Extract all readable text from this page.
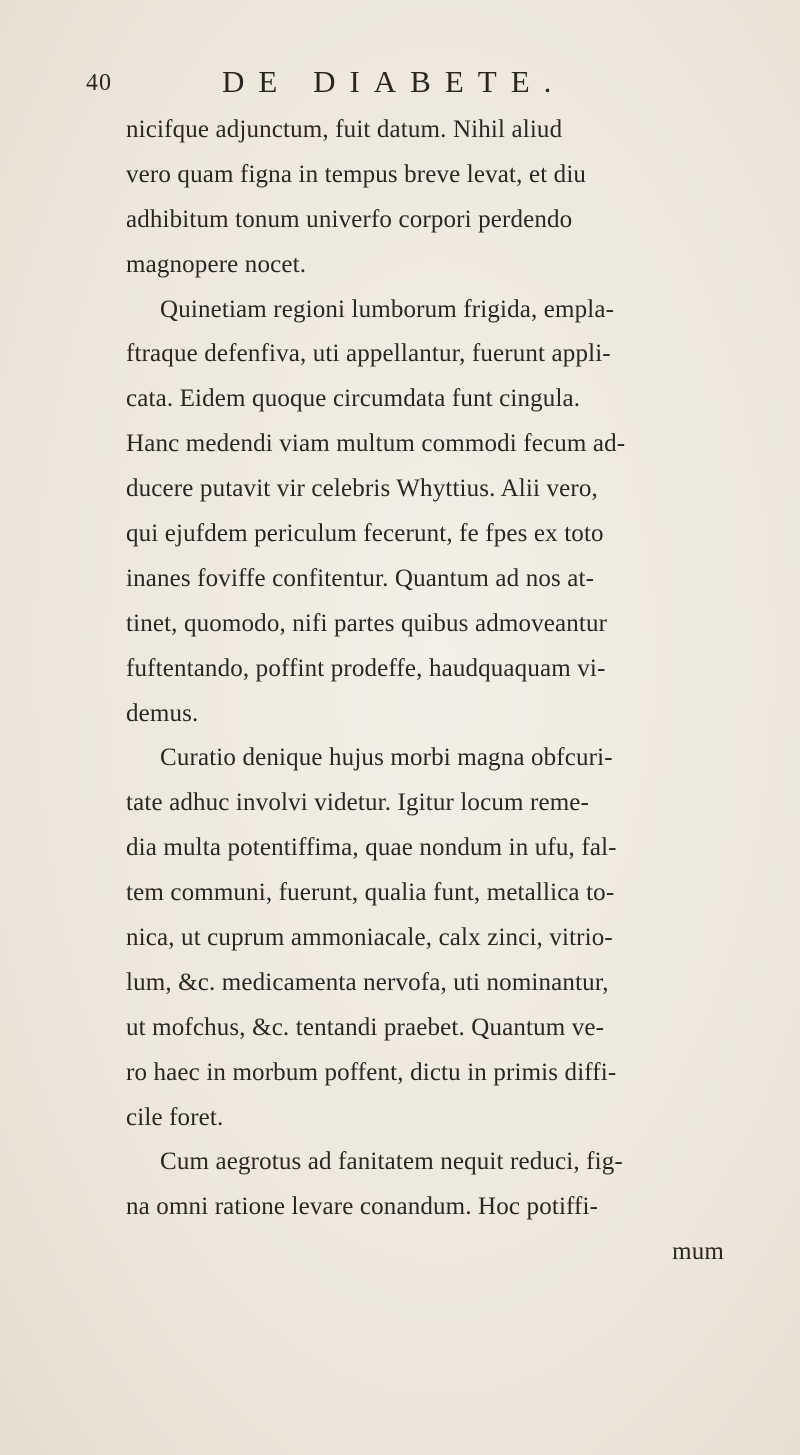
40	DE DIABETE.
nicifque adjunctum, fuit datum. Nihil aliud
vero quam figna in tempus breve levat, et diu
adhibitum tonum univerfo corpori perdendo
magnopere nocet.
Quinetiam regioni lumborum frigida, empla-
ftraque defenfiva, uti appellantur, fuerunt appli-
cata. Eidem quoque circumdata funt cingula.
Hanc medendi viam multum commodi fecum ad-
ducere putavit vir celebris Whyttius. Alii vero,
qui ejufdem periculum fecerunt, fe fpes ex toto
inanes foviffe confitentur. Quantum ad nos at-
tinet, quomodo, nifi partes quibus admoveantur
fuftentando, poffint prodeffe, haudquaquam vi-
demus.
Curatio denique hujus morbi magna obfcuri-
tate adhuc involvi videtur. Igitur locum reme-
dia multa potentiffima, quae nondum in ufu, fal-
tem communi, fuerunt, qualia funt, metallica to-
nica, ut cuprum ammoniacale, calx zinci, vitrio-
lum, &c. medicamenta nervofa, uti nominantur,
ut mofchus, &c. tentandi praebet. Quantum ve-
ro haec in morbum poffent, dictu in primis diffi-
cile foret.
Cum aegrotus ad fanitatem nequit reduci, fig-
na omni ratione levare conandum. Hoc potiffi-
mum
